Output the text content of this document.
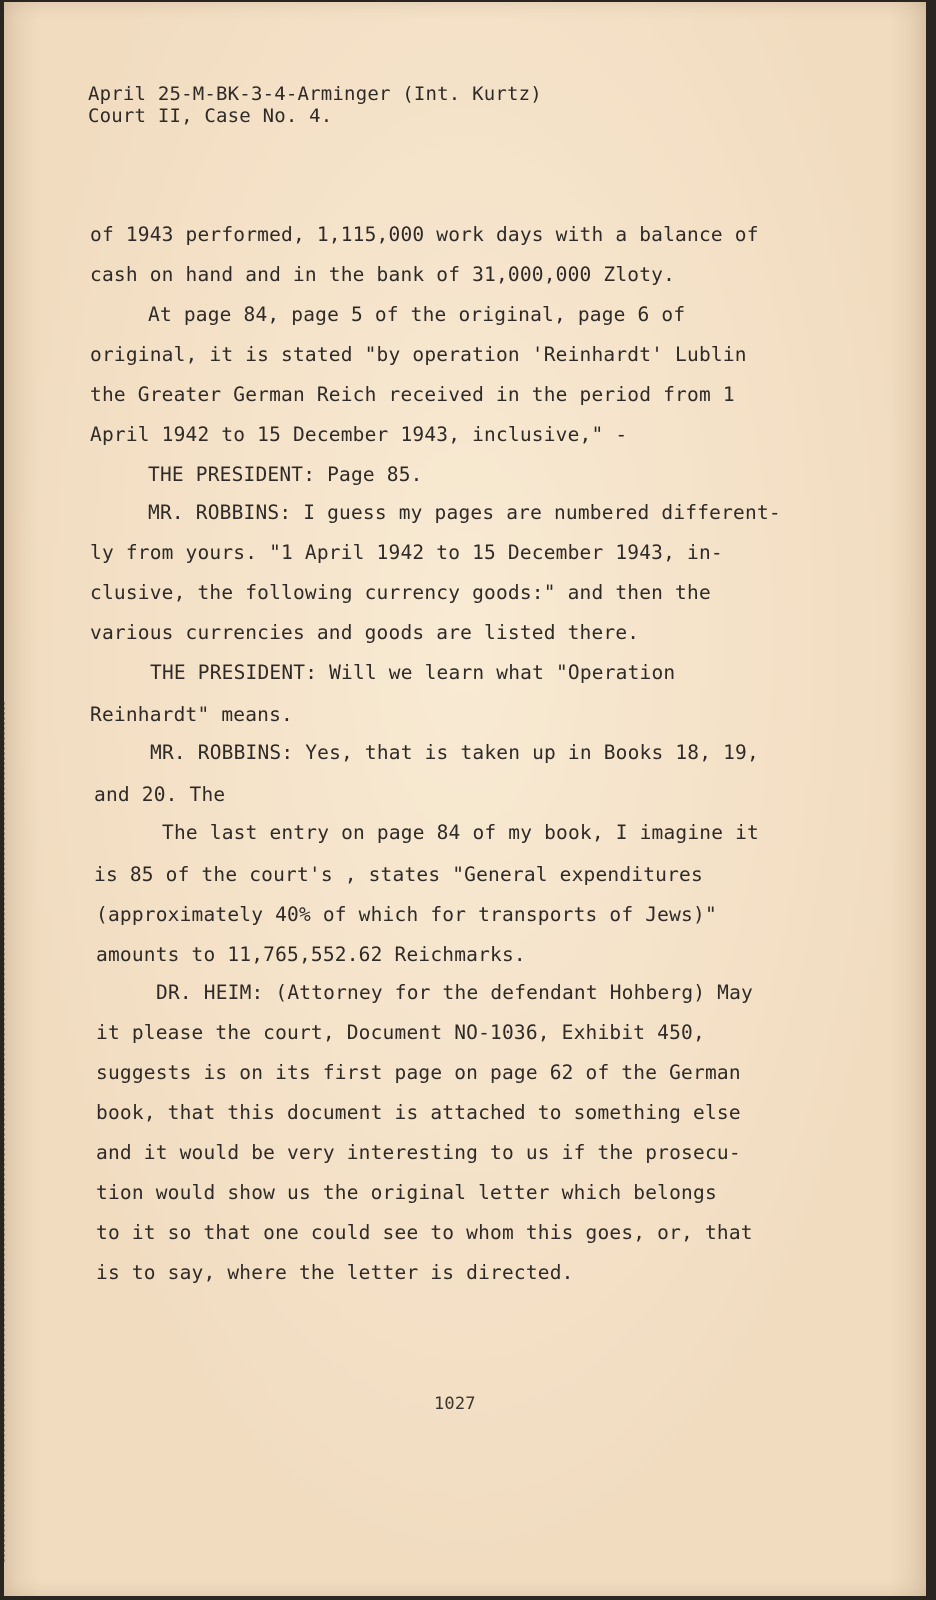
April 25-M-BK-3-4-Arminger (Int. Kurtz)
Court II, Case No. 4.
of 1943 performed, 1,115,000 work days with a balance of
cash on hand and in the bank of 31,000,000 Zloty.
At page 84, page 5 of the original, page 6 of
original, it is stated "by operation 'Reinhardt' Lublin
the Greater German Reich received in the period from 1
April 1942 to 15 December 1943, inclusive," -
THE PRESIDENT: Page 85.
MR. ROBBINS: I guess my pages are numbered different-
ly from yours. "1 April 1942 to 15 December 1943, in-
clusive, the following currency goods:" and then the
various currencies and goods are listed there.
THE PRESIDENT: Will we learn what "Operation
Reinhardt" means.
MR. ROBBINS: Yes, that is taken up in Books 18, 19,
and 20. The
The last entry on page 84 of my book, I imagine it
is 85 of the court's , states "General expenditures
(approximately 40% of which for transports of Jews)"
amounts to 11,765,552.62 Reichmarks.
DR. HEIM: (Attorney for the defendant Hohberg) May
it please the court, Document NO-1036, Exhibit 450,
suggests is on its first page on page 62 of the German
book, that this document is attached to something else
and it would be very interesting to us if the prosecu-
tion would show us the original letter which belongs
to it so that one could see to whom this goes, or, that
is to say, where the letter is directed.
1027
